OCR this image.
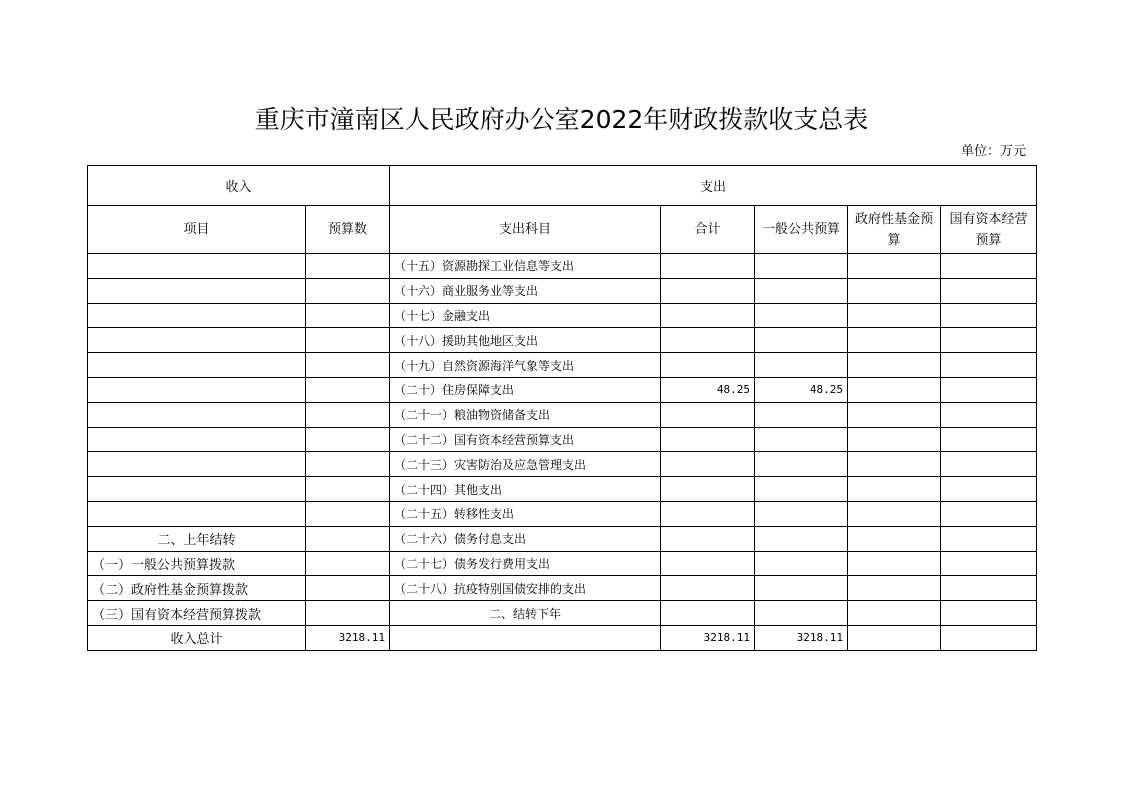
重庆市潼南区人民政府办公室2022年财政拨款收支总表
单位：万元
收入		支出				
项目	预算数	支出科目	合计	一般公共预算	政府性基金预算	国有资本经营预算
		（十五）资源勘探工业信息等支出				
		（十六）商业服务业等支出				
		（十七）金融支出				
		（十八）援助其他地区支出				
		（十九）自然资源海洋气象等支出				
		（二十）住房保障支出	48.25	48.25		
		（二十一）粮油物资储备支出				
		（二十二）国有资本经营预算支出				
		（二十三）灾害防治及应急管理支出				
		（二十四）其他支出				
		（二十五）转移性支出				
二、上年结转		（二十六）债务付息支出				
（一）一般公共预算拨款		（二十七）债务发行费用支出				
（二）政府性基金预算拨款		（二十八）抗疫特别国债安排的支出				
（三）国有资本经营预算拨款		二、结转下年				
收入总计	3218.11		3218.11	3218.11		
